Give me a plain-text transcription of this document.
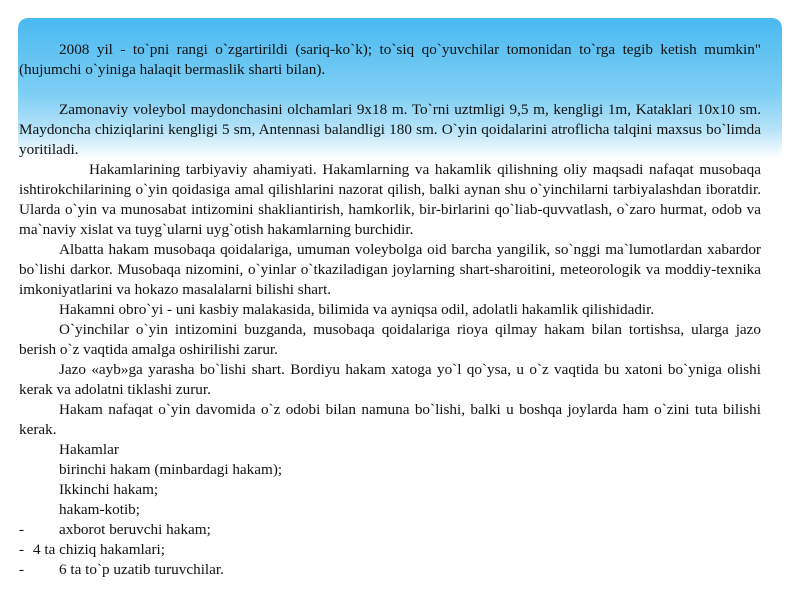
2008 yil - to`pni rangi o`zgartirildi (sariq-ko`k); to`siq qo`yuvchilar tomonidan to`rga tegib ketish mumkin" (hujumchi o`yiniga halaqit bermaslik sharti bilan).

Zamonaviy voleybol maydonchasini olchamlari 9x18 m. To`rni uztmligi 9,5 m, kengligi 1m, Kataklari 10x10 sm. Maydoncha chiziqlarini kengligi 5 sm, Antennasi balandligi 180 sm. O`yin qoidalarini atroflicha talqini maxsus bo`limda yoritiladi.

Hakamlarining tarbiyaviy ahamiyati. Hakamlarning va hakamlik qilishning oliy maqsadi nafaqat musobaqa ishtirokchilarining o`yin qoidasiga amal qilishlarini nazorat qilish, balki aynan shu o`yinchilarni tarbiyalashdan iboratdir. Ularda o`yin va munosabat intizomini shakliantirish, hamkorlik, bir-birlarini qo`liab-quvvatlash, o`zaro hurmat, odob va ma`naviy xislat va tuyg`ularni uyg`otish hakamlarning burchidir.

Albatta hakam musobaqa qoidalariga, umuman voleybolga oid barcha yangilik, so`nggi ma`lumotlardan xabardor bo`lishi darkor. Musobaqa nizomini, o`yinlar o`tkaziladigan joylarning shart-sharoitini, meteorologik va moddiy-texnika imkoniyatlarini va hokazo masalalarni bilishi shart.

Hakamni obro`yi - uni kasbiy malakasida, bilimida va ayniqsa odil, adolatli hakamlik qilishidadir.

O`yinchilar o`yin intizomini buzganda, musobaqa qoidalariga rioya qilmay hakam bilan tortishsa, ularga jazo berish o`z vaqtida amalga oshirilishi zarur.

Jazo «ayb»ga yarasha bo`lishi shart. Bordiyu hakam xatoga yo`l qo`ysa, u o`z vaqtida bu xatoni bo`yniga olishi kerak va adolatni tiklashi zurur.

Hakam nafaqat o`yin davomida o`z odobi bilan namuna bo`lishi, balki u boshqa joylarda ham o`zini tuta bilishi kerak.

Hakamlar

birinchi hakam (minbardagi hakam);

Ikkinchi hakam;

hakam-kotib;

-	axborot beruvchi hakam;
- 4 ta chiziq hakamlari;
-	6 ta to`p uzatib turuvchilar.
